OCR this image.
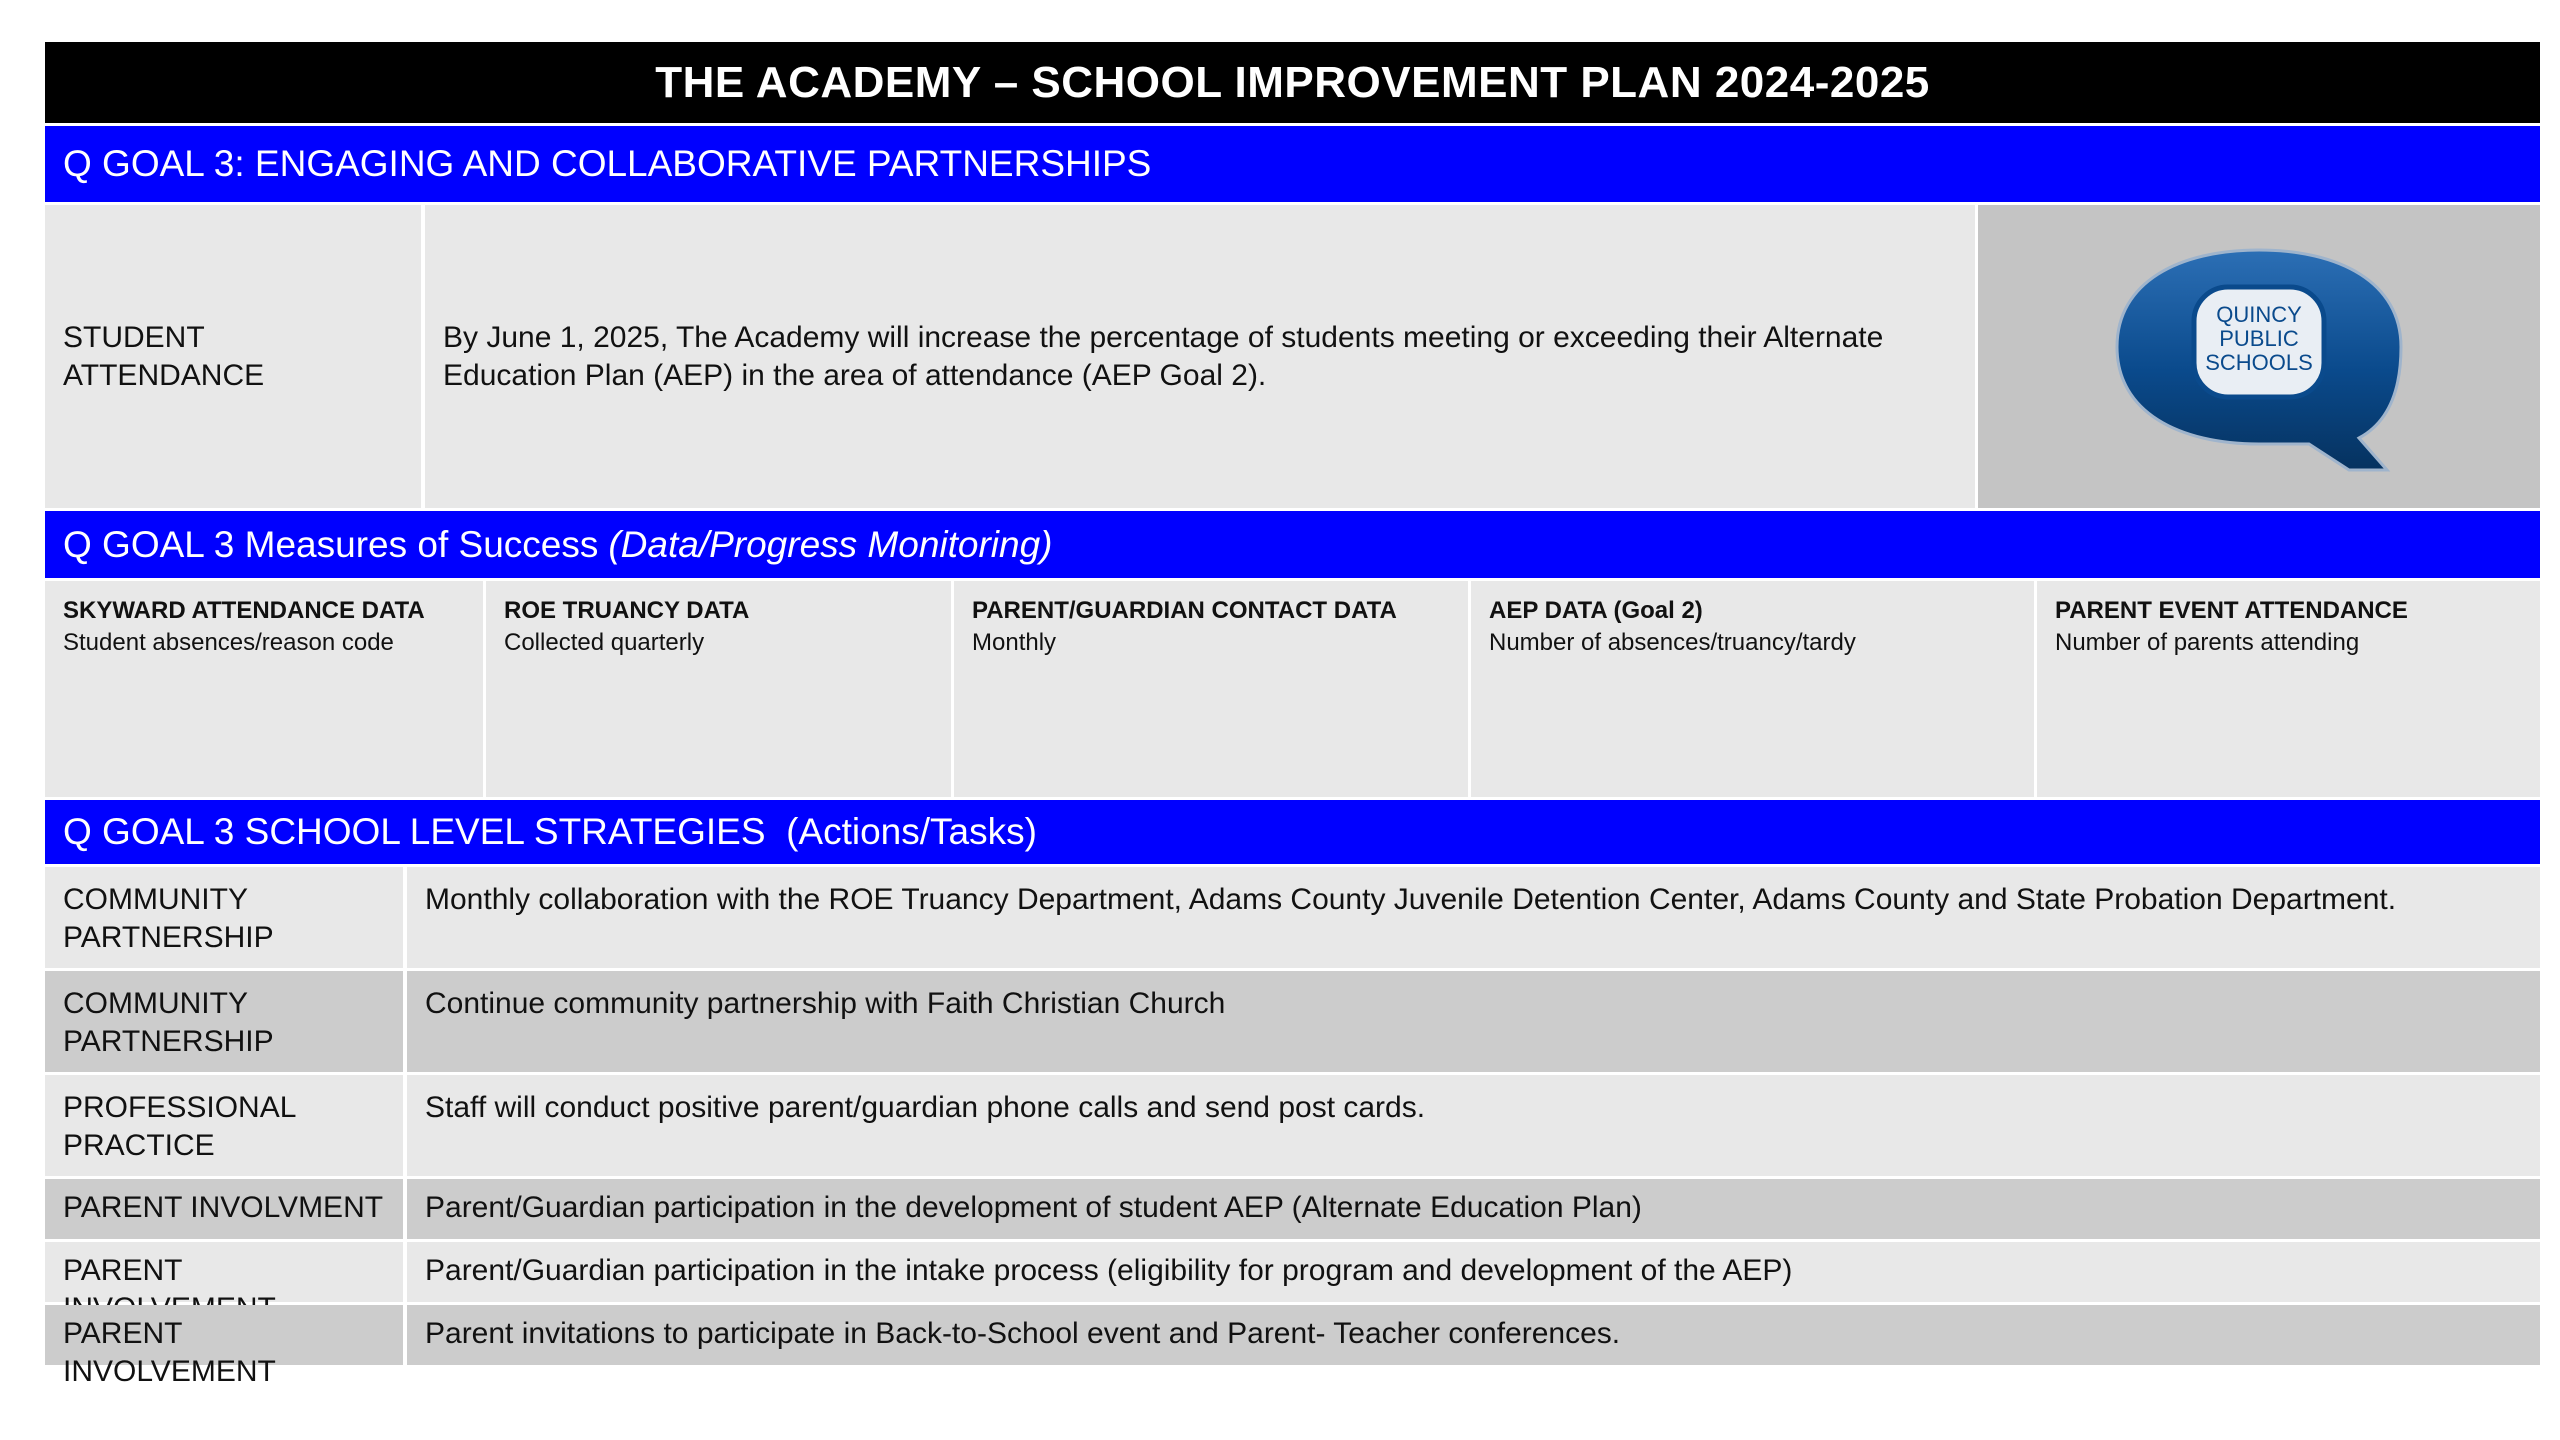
THE ACADEMY – SCHOOL IMPROVEMENT PLAN 2024-2025
Q GOAL 3: ENGAGING AND COLLABORATIVE PARTNERSHIPS
STUDENT ATTENDANCE
By June 1, 2025, The Academy will increase the percentage of students meeting or exceeding their Alternate Education Plan (AEP) in the area of attendance (AEP Goal 2).
QUINCY
PUBLIC
SCHOOLS
Q GOAL 3 Measures of Success (Data/Progress Monitoring)
SKYWARD ATTENDANCE DATA
Student absences/reason code
ROE TRUANCY DATA
Collected quarterly
PARENT/GUARDIAN CONTACT DATA
Monthly
AEP DATA (Goal 2)
Number of absences/truancy/tardy
PARENT EVENT ATTENDANCE
Number of parents attending
Q GOAL 3 SCHOOL LEVEL STRATEGIES  (Actions/Tasks)
COMMUNITY PARTNERSHIP
Monthly collaboration with the ROE Truancy Department, Adams County Juvenile Detention Center, Adams County and State Probation Department.
COMMUNITY PARTNERSHIP
Continue community partnership with Faith Christian Church
PROFESSIONAL PRACTICE
Staff will conduct positive parent/guardian phone calls and send post cards.
PARENT INVOLVMENT	Parent/Guardian participation in the development of student AEP (Alternate Education Plan)
PARENT	Parent/Guardian participation in the intake process (eligibility for program and development of the AEP)
PARENT INVOLVEMENT
Parent invitations to participate in Back-to-School event and Parent- Teacher conferences.
